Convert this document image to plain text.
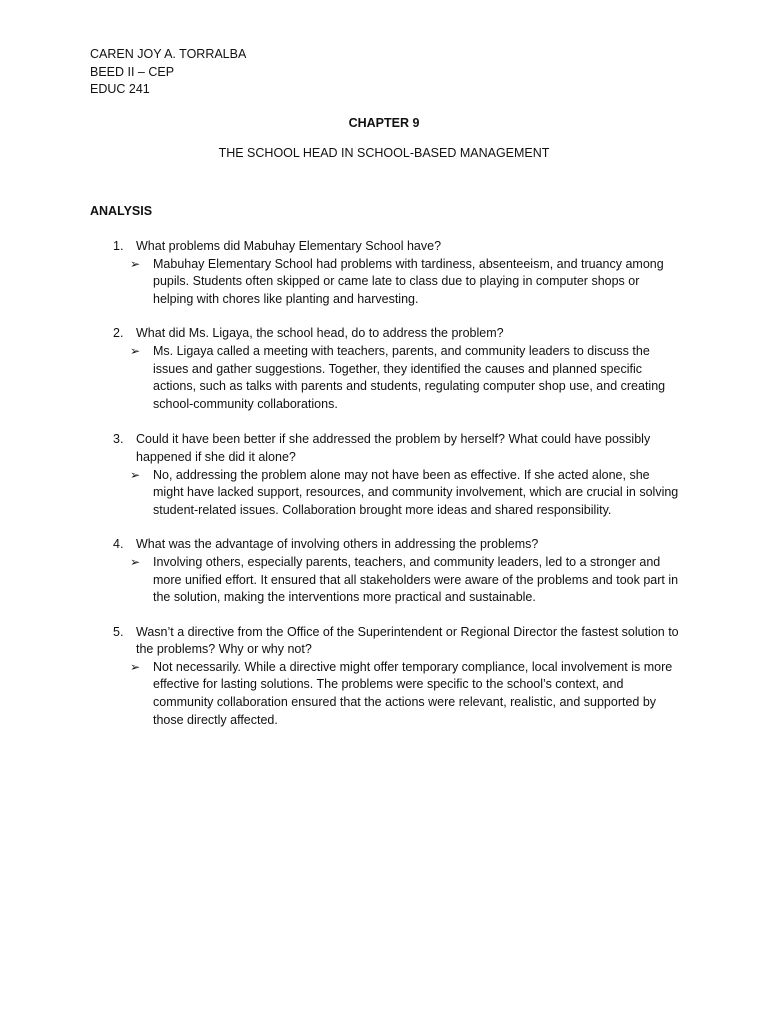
CAREN JOY A. TORRALBA
BEED II – CEP
EDUC 241
CHAPTER 9
THE SCHOOL HEAD IN SCHOOL-BASED MANAGEMENT
ANALYSIS
1. What problems did Mabuhay Elementary School have?
➢ Mabuhay Elementary School had problems with tardiness, absenteeism, and truancy among pupils. Students often skipped or came late to class due to playing in computer shops or helping with chores like planting and harvesting.
2. What did Ms. Ligaya, the school head, do to address the problem?
➢ Ms. Ligaya called a meeting with teachers, parents, and community leaders to discuss the issues and gather suggestions. Together, they identified the causes and planned specific actions, such as talks with parents and students, regulating computer shop use, and creating school-community collaborations.
3. Could it have been better if she addressed the problem by herself? What could have possibly happened if she did it alone?
➢ No, addressing the problem alone may not have been as effective. If she acted alone, she might have lacked support, resources, and community involvement, which are crucial in solving student-related issues. Collaboration brought more ideas and shared responsibility.
4. What was the advantage of involving others in addressing the problems?
➢ Involving others, especially parents, teachers, and community leaders, led to a stronger and more unified effort. It ensured that all stakeholders were aware of the problems and took part in the solution, making the interventions more practical and sustainable.
5. Wasn’t a directive from the Office of the Superintendent or Regional Director the fastest solution to the problems? Why or why not?
➢ Not necessarily. While a directive might offer temporary compliance, local involvement is more effective for lasting solutions. The problems were specific to the school’s context, and community collaboration ensured that the actions were relevant, realistic, and supported by those directly affected.
